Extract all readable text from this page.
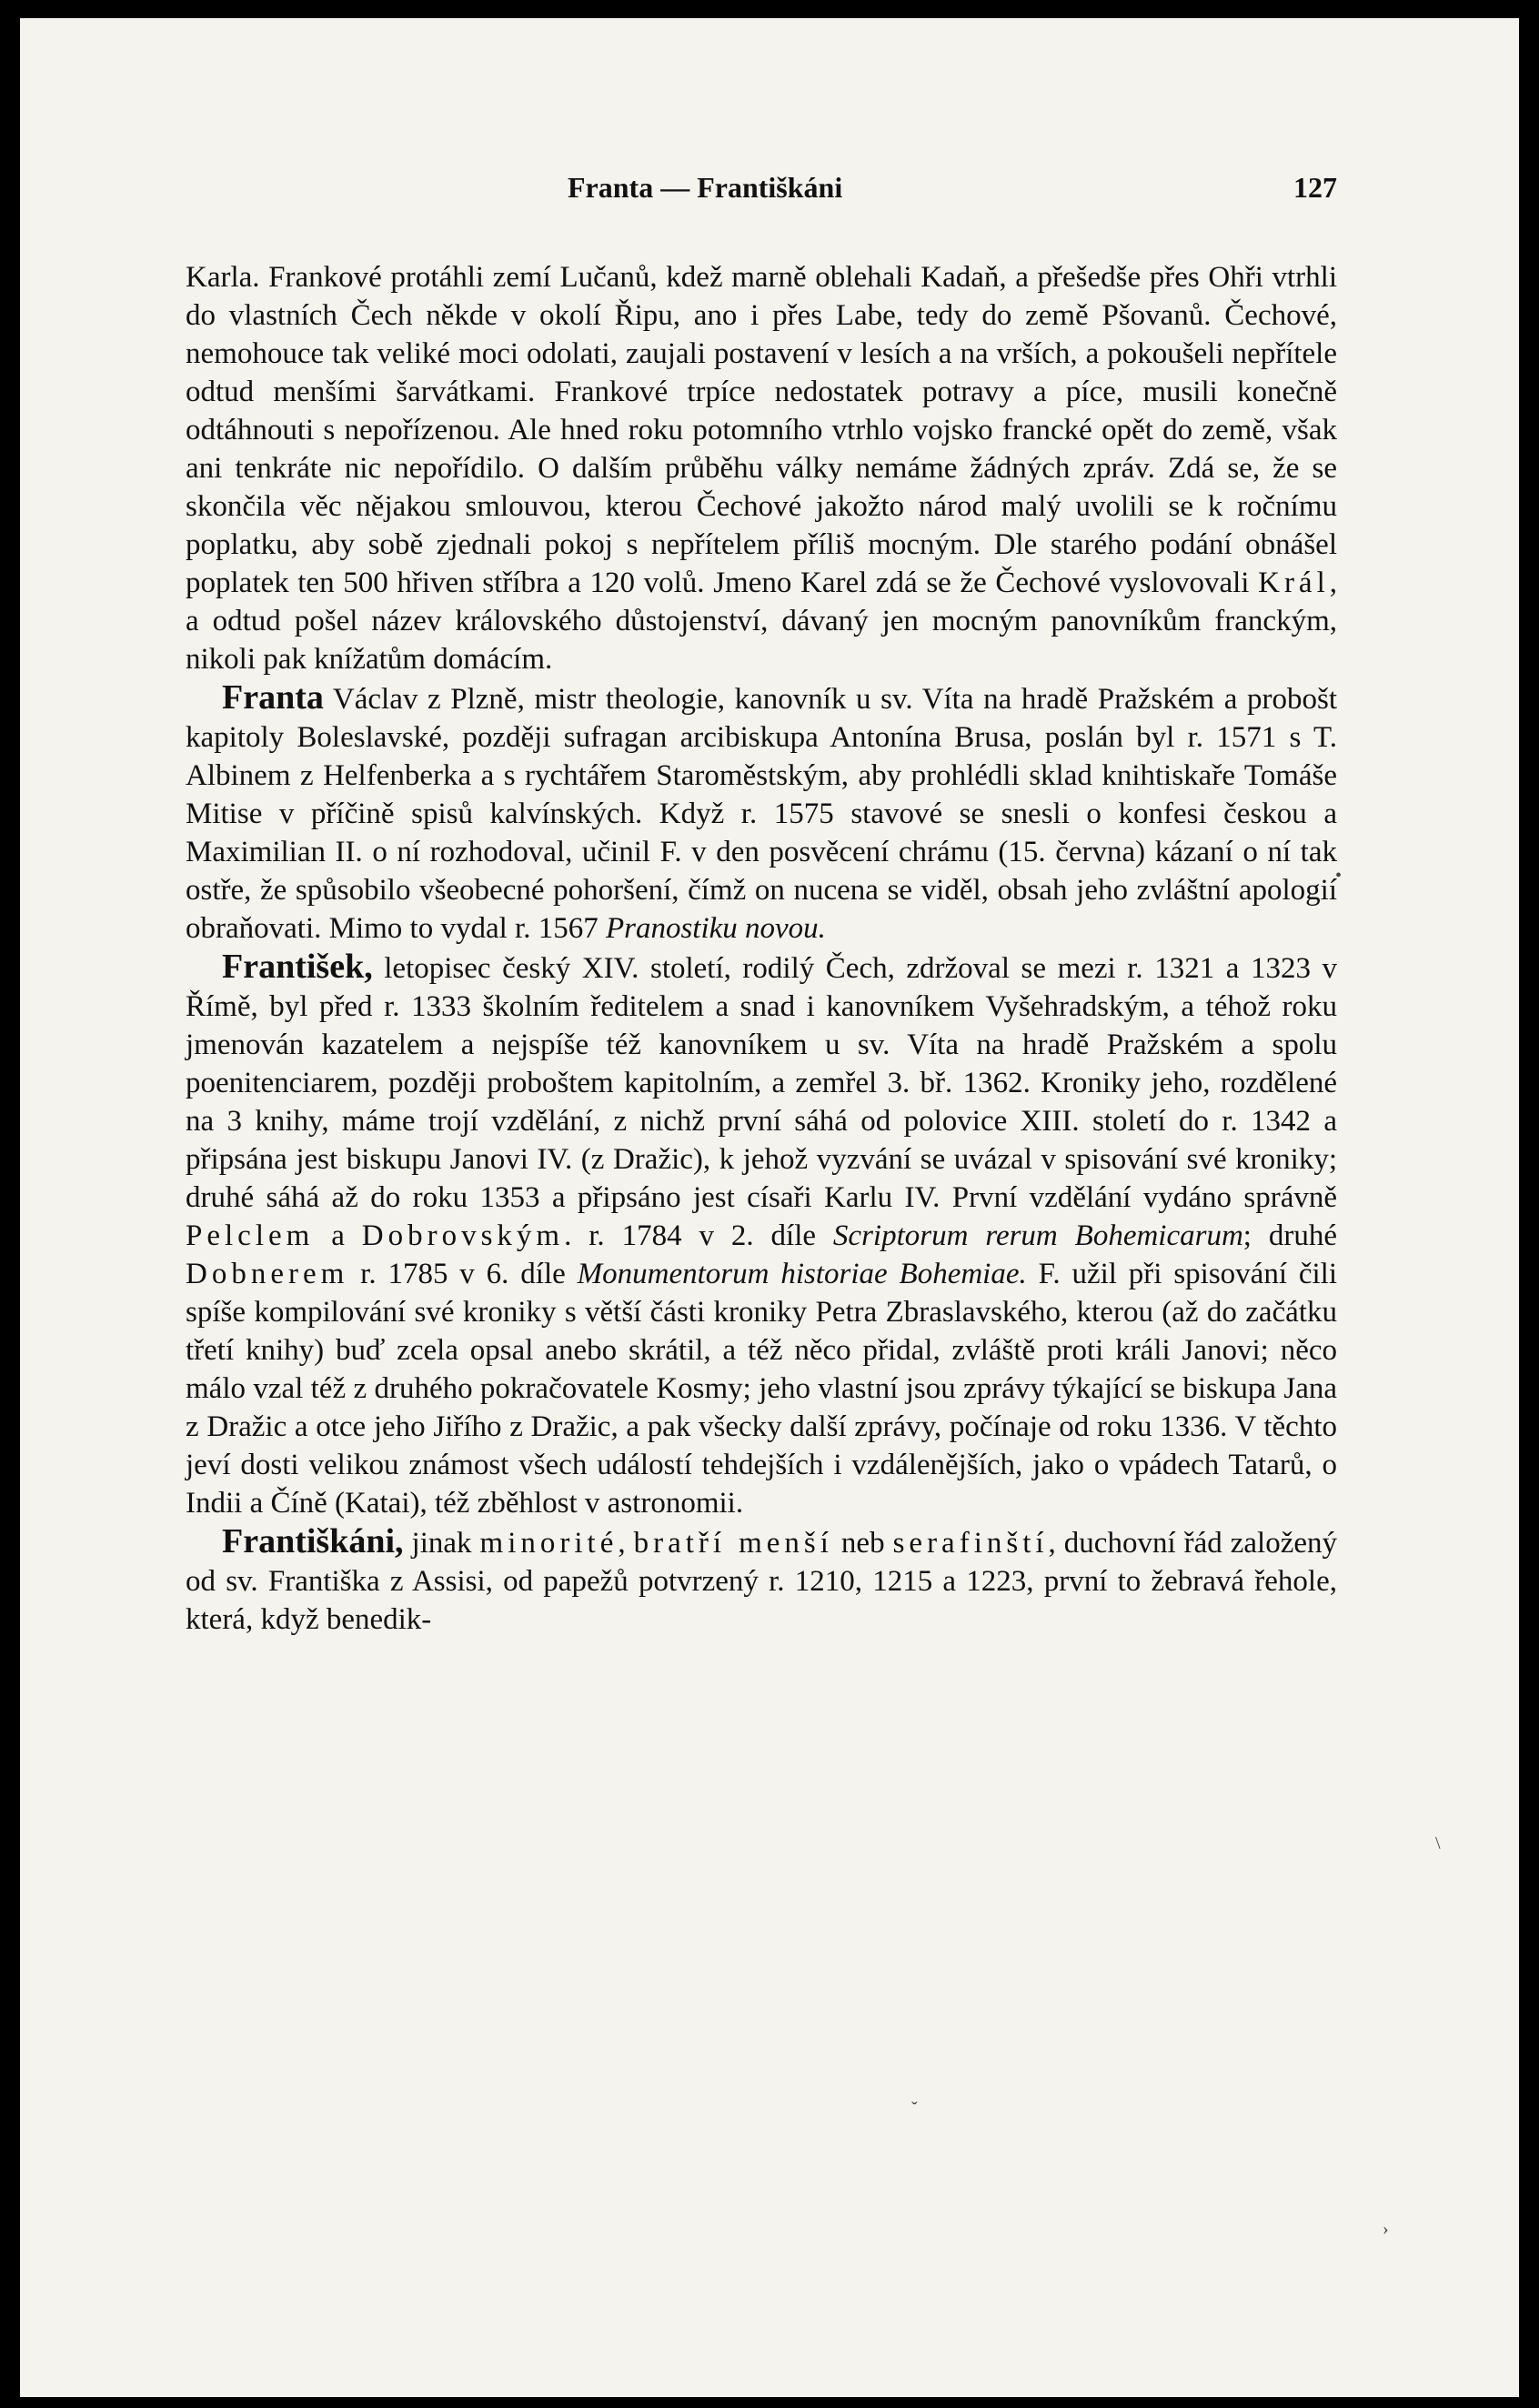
Franta — Františkáni	127

Karla. Frankové protáhli zemí Lučanů, kdež marně oblehali Kadaň, a přešedše přes Ohři vtrhli do vlastních Čech někde v okolí Řipu, ano i přes Labe, tedy do země Pšovanů. Čechové, nemohouce tak veliké moci odolati, zaujali postavení v lesích a na vrších, a pokoušeli nepřítele odtud menšími šarvátkami. Frankové trpíce nedostatek potravy a píce, musili konečně odtáhnouti s nepořízenou. Ale hned roku potomního vtrhlo vojsko francké opět do země, však ani tenkráte nic nepořídilo. O dalším průběhu války nemáme žádných zpráv. Zdá se, že se skončila věc nějakou smlouvou, kterou Čechové jakožto národ malý uvolili se k ročnímu poplatku, aby sobě zjednali pokoj s nepřítelem příliš mocným. Dle starého podání obnášel poplatek ten 500 hřiven stříbra a 120 volů. Jmeno Karel zdá se že Čechové vyslovovali Král, a odtud pošel název královského důstojenství, dávaný jen mocným panovníkům franckým, nikoli pak knížatům domácím.

Franta Václav z Plzně, mistr theologie, kanovník u sv. Víta na hradě Pražském a probošt kapitoly Boleslavské, později sufragan arcibiskupa Antonína Brusa, poslán byl r. 1571 s T. Albinem z Helfenberka a s rychtářem Staroměstským, aby prohlédli sklad knihtiskaře Tomáše Mitise v příčině spisů kalvínských. Když r. 1575 stavové se snesli o konfesi českou a Maximilian II. o ní rozhodoval, učinil F. v den posvěcení chrámu (15. června) kázaní o ní tak ostře, že spůsobilo všeobecné pohoršení, čímž on nucena se viděl, obsah jeho zvláštní apologií obraňovati. Mimo to vydal r. 1567 Pranostiku novou.

František, letopisec český XIV. století, rodilý Čech, zdržoval se mezi r. 1321 a 1323 v Římě, byl před r. 1333 školním ředitelem a snad i kanovníkem Vyšehradským, a téhož roku jmenován kazatelem a nejspíše též kanovníkem u sv. Víta na hradě Pražském a spolu poenitenciarem, později proboštem kapitolním, a zemřel 3. bř. 1362. Kroniky jeho, rozdělené na 3 knihy, máme trojí vzdělání, z nichž první sáhá od polovice XIII. století do r. 1342 a připsána jest biskupu Janovi IV. (z Dražic), k jehož vyzvání se uvázal v spisování své kroniky; druhé sáhá až do roku 1353 a připsáno jest císaři Karlu IV. První vzdělání vydáno správně Pelclem a Dobrovským. r. 1784 v 2. díle Scriptorum rerum Bohemicarum; druhé Dobnerem r. 1785 v 6. díle Monumentorum historiae Bohemiae. F. užil při spisování čili spíše kompilování své kroniky s větší části kroniky Petra Zbraslavského, kterou (až do začátku třetí knihy) buď zcela opsal anebo skrátil, a též něco přidal, zvláště proti králi Janovi; něco málo vzal též z druhého pokračovatele Kosmy; jeho vlastní jsou zprávy týkající se biskupa Jana z Dražic a otce jeho Jiřího z Dražic, a pak všecky další zprávy, počínaje od roku 1336. V těchto jeví dosti velikou známost všech událostí tehdejších i vzdálenějších, jako o vpádech Tatarů, o Indii a Číně (Katai), též zběhlost v astronomii.

Františkáni, jinak minorité, bratří menší neb serafinští, duchovní řád založený od sv. Františka z Assisi, od papežů potvrzený r. 1210, 1215 a 1223, první to žebravá řehole, která, když benedik-

•
\
ˇ
›
